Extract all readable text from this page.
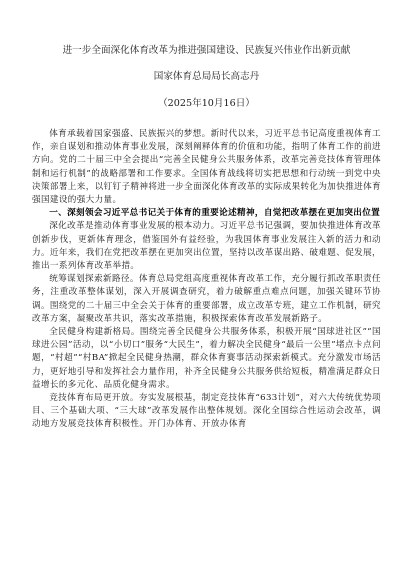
进一步全面深化体育改革为推进强国建设、民族复兴伟业作出新贡献
国家体育总局局长高志丹
（2025年10月16日）

体育承载着国家强盛、民族振兴的梦想。新时代以来，习近平总书记高度重视体育工作，亲自谋划和推动体育事业发展，深刻阐释体育的价值和功能，指明了体育工作的前进方向。党的二十届三中全会提出“完善全民健身公共服务体系，改革完善竞技体育管理体制和运行机制”的战略部署和工作要求。全国体育战线将切实把思想和行动统一到党中央决策部署上来，以钉钉子精神将进一步全面深化体育改革的实际成果转化为加快推进体育强国建设的强大力量。

一、深刻领会习近平总书记关于体育的重要论述精神，自觉把改革摆在更加突出位置

深化改革是推动体育事业发展的根本动力。习近平总书记强调，要加快推进体育改革创新步伐，更新体育理念，借鉴国外有益经验，为我国体育事业发展注入新的活力和动力。近年来，我们在党把改革摆在更加突出位置，坚持以改革谋出路、破难题、促发展，推出一系列体育改革举措。

统筹谋划探索新路径。体育总局党组高度重视体育改革工作，充分履行抓改革职责任务，注重改革整体谋划，深入开展调查研究，着力破解重点难点问题，加强关键环节协调。围绕党的二十届三中全会关于体育的重要部署，成立改革专班，建立工作机制，研究改革方案，凝聚改革共识，落实改革措施，积极探索体育改革发展新路子。

全民健身构建新格局。围绕完善全民健身公共服务体系，积极开展“国球进社区”“国球进公园”活动，以“小切口”服务“大民生”，着力解决全民健身“最后一公里”堵点卡点问题，“村超”“村BA”掀起全民健身热潮，群众体育赛事活动探索新模式。充分激发市场活力，更好地引导和发挥社会力量作用，补齐全民健身公共服务供给短板，精准满足群众日益增长的多元化、品质化健身需求。

竞技体育布局更开放。夯实发展根基，制定竞技体育“633计划”，对六大传统优势项目、三个基础大项、“三大球”改革发展作出整体规划。深化全国综合性运动会改革，调动地方发展竞技体育积极性。开门办体育、开放办体育
